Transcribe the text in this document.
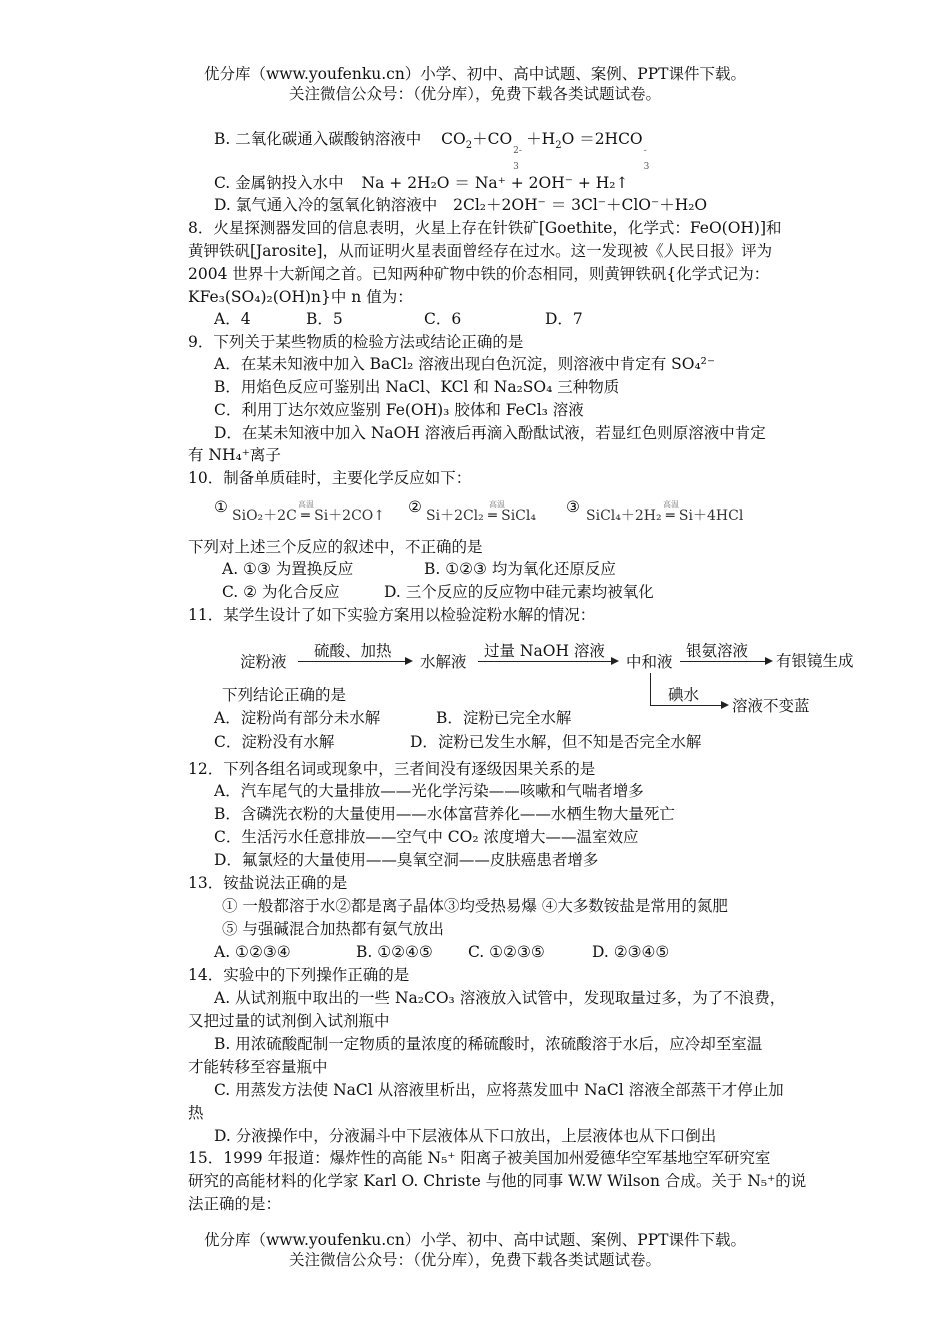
优分库（www.youfenku.cn）小学、初中、高中试题、案例、PPT课件下载。
关注微信公众号：（优分库），免费下载各类试题试卷。
B. 二氧化碳通入碳酸钠溶液中 $CO_2+CO$
2-
3
$+H_2O =2HCO$
-
3
C. 金属钠投入水中 Na + 2H₂O ＝ Na⁺ + 2OH⁻ + H₂↑
D. 氯气通入冷的氢氧化钠溶液中 2Cl₂＋2OH⁻ ＝ 3Cl⁻＋ClO⁻＋H₂O
8．火星探测器发回的信息表明，火星上存在针铁矿[Goethite，化学式：FeO(OH)]和
黄钾铁矾[Jarosite]，从而证明火星表面曾经存在过水。这一发现被《人民日报》评为
2004 世界十大新闻之首。已知两种矿物中铁的价态相同，则黄钾铁矾{化学式记为：
KFe₃(SO₄)₂(OH)n}中 n 值为：
A．4	B．5	C．6	D．7
9．下列关于某些物质的检验方法或结论正确的是
A．在某未知液中加入 BaCl₂ 溶液出现白色沉淀，则溶液中肯定有 SO₄²⁻
B．用焰色反应可鉴别出 NaCl、KCl 和 Na₂SO₄ 三种物质
C．利用丁达尔效应鉴别 Fe(OH)₃ 胶体和 FeCl₃ 溶液
D．在某未知液中加入 NaOH 溶液后再滴入酚酞试液，若显红色则原溶液中肯定
有 NH₄⁺离子
10．制备单质硅时，主要化学反应如下：
① SiO₂＋2C ═ Si＋2CO↑
高温	② Si＋2Cl₂ ═ SiCl₄
高温	③ SiCl₄＋2H₂ ═ Si＋4HCl
高温
下列对上述三个反应的叙述中，不正确的是
A. ①③ 为置换反应	B. ①②③ 均为氧化还原反应
C. ② 为化合反应	D. 三个反应的反应物中硅元素均被氧化
11．某学生设计了如下实验方案用以检验淀粉水解的情况：
淀粉液
硫酸、加热
水解液
过量 NaOH 溶液
中和液
银氨溶液
有银镜生成
碘水
溶液不变蓝
下列结论正确的是
A．淀粉尚有部分未水解	B．淀粉已完全水解
C．淀粉没有水解	D．淀粉已发生水解，但不知是否完全水解
12．下列各组名词或现象中，三者间没有逐级因果关系的是
A．汽车尾气的大量排放——光化学污染——咳嗽和气喘者增多
B．含磷洗衣粉的大量使用——水体富营养化——水栖生物大量死亡
C．生活污水任意排放——空气中 CO₂ 浓度增大——温室效应
D．氟氯烃的大量使用——臭氧空洞——皮肤癌患者增多
13．铵盐说法正确的是
① 一般都溶于水②都是离子晶体③均受热易爆 ④大多数铵盐是常用的氮肥
⑤ 与强碱混合加热都有氨气放出
A. ①②③④	B. ①②④⑤ C. ①②③⑤	D. ②③④⑤
14．实验中的下列操作正确的是
A. 从试剂瓶中取出的一些 Na₂CO₃ 溶液放入试管中，发现取量过多，为了不浪费，
又把过量的试剂倒入试剂瓶中
B. 用浓硫酸配制一定物质的量浓度的稀硫酸时，浓硫酸溶于水后，应冷却至室温
才能转移至容量瓶中
C. 用蒸发方法使 NaCl 从溶液里析出，应将蒸发皿中 NaCl 溶液全部蒸干才停止加
热
D. 分液操作中，分液漏斗中下层液体从下口放出，上层液体也从下口倒出
15．1999 年报道：爆炸性的高能 N₅⁺ 阳离子被美国加州爱德华空军基地空军研究室
研究的高能材料的化学家 Karl O. Christe 与他的同事 W.W Wilson 合成。关于 N₅⁺的说
法正确的是：
优分库（www.youfenku.cn）小学、初中、高中试题、案例、PPT课件下载。
关注微信公众号：（优分库），免费下载各类试题试卷。
